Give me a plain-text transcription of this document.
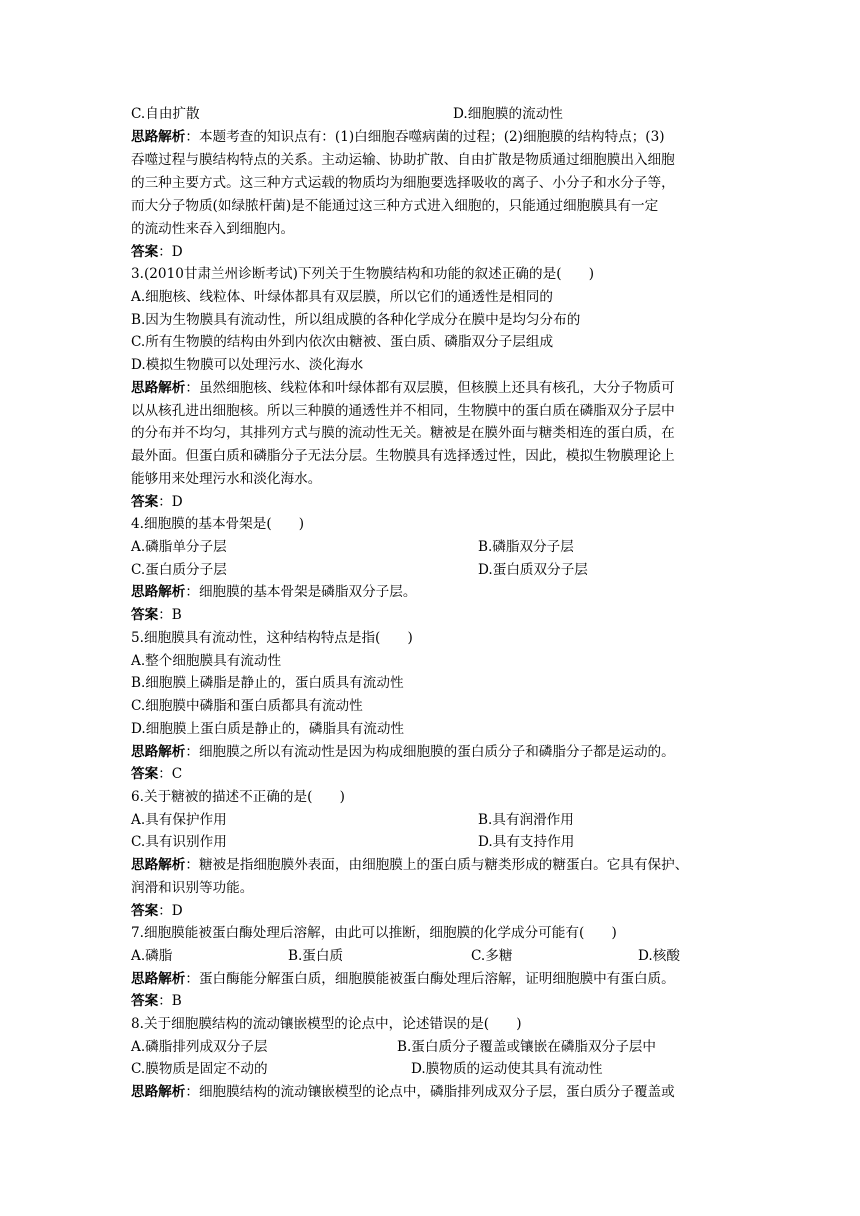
C.自由扩散	D.细胞膜的流动性
思路解析：本题考查的知识点有：(1)白细胞吞噬病菌的过程；(2)细胞膜的结构特点；(3)
吞噬过程与膜结构特点的关系。主动运输、协助扩散、自由扩散是物质通过细胞膜出入细胞
的三种主要方式。这三种方式运载的物质均为细胞要选择吸收的离子、小分子和水分子等，
而大分子物质(如绿脓杆菌)是不能通过这三种方式进入细胞的，只能通过细胞膜具有一定
的流动性来吞入到细胞内。
答案：D
3.(2010甘肃兰州诊断考试)下列关于生物膜结构和功能的叙述正确的是(　　)
A.细胞核、线粒体、叶绿体都具有双层膜，所以它们的通透性是相同的
B.因为生物膜具有流动性，所以组成膜的各种化学成分在膜中是均匀分布的
C.所有生物膜的结构由外到内依次由糖被、蛋白质、磷脂双分子层组成
D.模拟生物膜可以处理污水、淡化海水
思路解析：虽然细胞核、线粒体和叶绿体都有双层膜，但核膜上还具有核孔，大分子物质可
以从核孔进出细胞核。所以三种膜的通透性并不相同，生物膜中的蛋白质在磷脂双分子层中
的分布并不均匀，其排列方式与膜的流动性无关。糖被是在膜外面与糖类相连的蛋白质，在
最外面。但蛋白质和磷脂分子无法分层。生物膜具有选择透过性，因此，模拟生物膜理论上
能够用来处理污水和淡化海水。
答案：D
4.细胞膜的基本骨架是(　　)
A.磷脂单分子层	B.磷脂双分子层
C.蛋白质分子层	D.蛋白质双分子层
思路解析：细胞膜的基本骨架是磷脂双分子层。
答案：B
5.细胞膜具有流动性，这种结构特点是指(　　)
A.整个细胞膜具有流动性
B.细胞膜上磷脂是静止的，蛋白质具有流动性
C.细胞膜中磷脂和蛋白质都具有流动性
D.细胞膜上蛋白质是静止的，磷脂具有流动性
思路解析：细胞膜之所以有流动性是因为构成细胞膜的蛋白质分子和磷脂分子都是运动的。
答案：C
6.关于糖被的描述不正确的是(　　)
A.具有保护作用	B.具有润滑作用
C.具有识别作用	D.具有支持作用
思路解析：糖被是指细胞膜外表面，由细胞膜上的蛋白质与糖类形成的糖蛋白。它具有保护、
润滑和识别等功能。
答案：D
7.细胞膜能被蛋白酶处理后溶解，由此可以推断，细胞膜的化学成分可能有(　　)
A.磷脂	B.蛋白质	C.多糖	D.核酸
思路解析：蛋白酶能分解蛋白质，细胞膜能被蛋白酶处理后溶解，证明细胞膜中有蛋白质。
答案：B
8.关于细胞膜结构的流动镶嵌模型的论点中，论述错误的是(　　)
A.磷脂排列成双分子层	B.蛋白质分子覆盖或镶嵌在磷脂双分子层中
C.膜物质是固定不动的	D.膜物质的运动使其具有流动性
思路解析：细胞膜结构的流动镶嵌模型的论点中，磷脂排列成双分子层，蛋白质分子覆盖或
